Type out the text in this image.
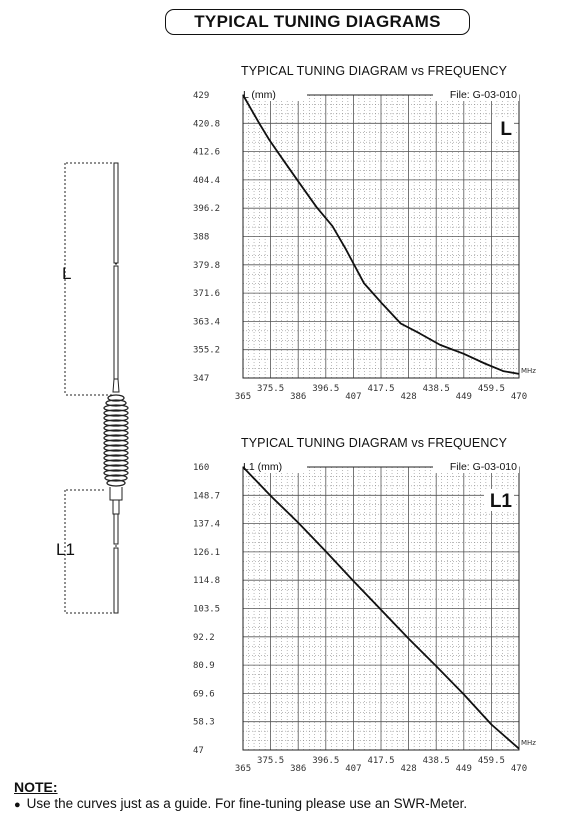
TYPICAL TUNING DIAGRAMS
TYPICAL TUNING DIAGRAM vs FREQUENCY
TYPICAL TUNING DIAGRAM vs FREQUENCY
L
L1
429
420.8
412.6
404.4
396.2
388
379.8
371.6
363.4
355.2
347
365
375.5
386
396.5
407
417.5
428
438.5
449
459.5
470
L (mm)	File: G-03-010
MHz
L
160
148.7
137.4
126.1
114.8
103.5
92.2
80.9
69.6
58.3
47
365
375.5
386
396.5
407
417.5
428
438.5
449
459.5
470
L1 (mm)	File: G-03-010
MHz
L1
NOTE:
● Use the curves just as a guide. For fine-tuning please use an SWR-Meter.
